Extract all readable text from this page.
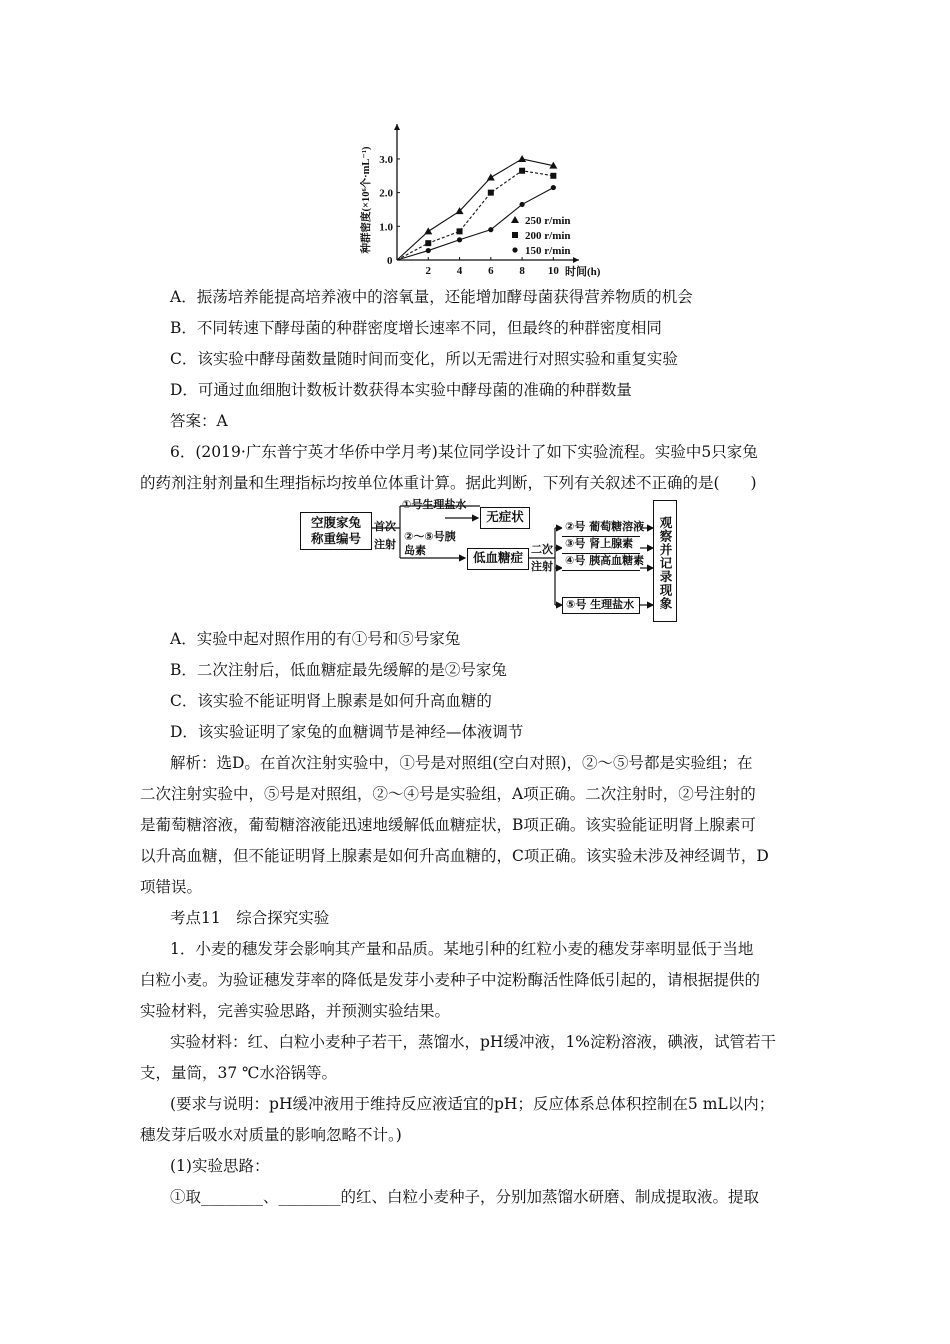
0
2 4 6 8 10
1.0
2.0
3.0
时间(h)
种群密度(×10⁶个·mL⁻¹)	250 r/min
200 r/min
150 r/min
A．振荡培养能提高培养液中的溶氧量，还能增加酵母菌获得营养物质的机会
B．不同转速下酵母菌的种群密度增长速率不同，但最终的种群密度相同
C．该实验中酵母菌数量随时间而变化，所以无需进行对照实验和重复实验
D．可通过血细胞计数板计数获得本实验中酵母菌的准确的种群数量
答案：A
6．(2019·广东普宁英才华侨中学月考)某位同学设计了如下实验流程。实验中5只家兔
的药剂注射剂量和生理指标均按单位体重计算。据此判断，下列有关叙述不正确的是(　　)
空腹家兔
称重编号
首次
注射
①号生理盐水
无症状
②～⑤号胰
岛素	低血糖症
二次
注射
②号 葡萄糖溶液
③号 肾上腺素
④号 胰高血糖素
⑤号 生理盐水	观察并记录现象
A．实验中起对照作用的有①号和⑤号家兔
B．二次注射后，低血糖症最先缓解的是②号家兔
C．该实验不能证明肾上腺素是如何升高血糖的
D．该实验证明了家兔的血糖调节是神经—体液调节
解析：选D。在首次注射实验中，①号是对照组(空白对照)，②～⑤号都是实验组；在
二次注射实验中，⑤号是对照组，②～④号是实验组，A项正确。二次注射时，②号注射的
是葡萄糖溶液，葡萄糖溶液能迅速地缓解低血糖症状，B项正确。该实验能证明肾上腺素可
以升高血糖，但不能证明肾上腺素是如何升高血糖的，C项正确。该实验未涉及神经调节，D
项错误。
考点11　综合探究实验
1．小麦的穗发芽会影响其产量和品质。某地引种的红粒小麦的穗发芽率明显低于当地
白粒小麦。为验证穗发芽率的降低是发芽小麦种子中淀粉酶活性降低引起的，请根据提供的
实验材料，完善实验思路，并预测实验结果。
实验材料：红、白粒小麦种子若干，蒸馏水，pH缓冲液，1%淀粉溶液，碘液，试管若干
支，量筒，37 ℃水浴锅等。
(要求与说明：pH缓冲液用于维持反应液适宜的pH；反应体系总体积控制在5 mL以内；
穗发芽后吸水对质量的影响忽略不计。)
(1)实验思路：
①取________、________的红、白粒小麦种子，分别加蒸馏水研磨、制成提取液。提取
